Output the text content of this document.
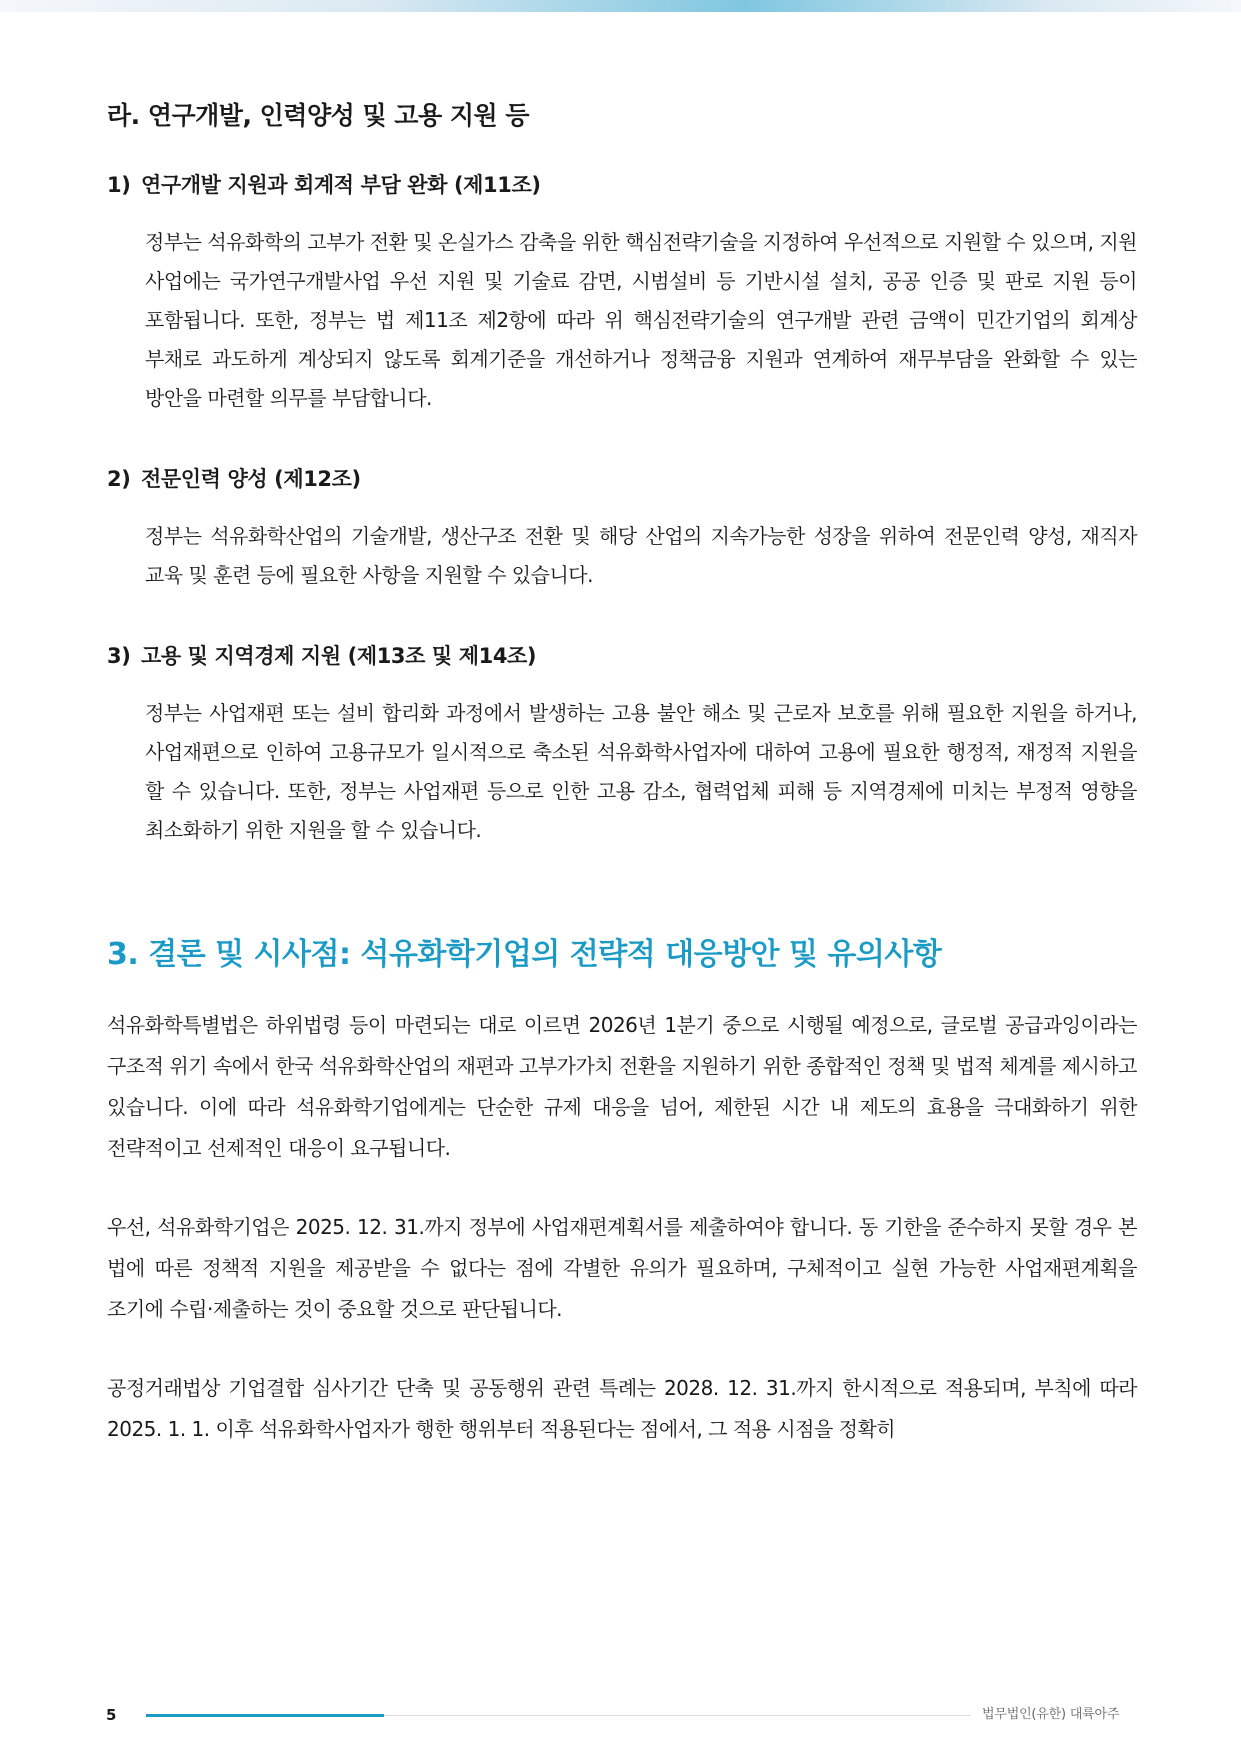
라. 연구개발, 인력양성 및 고용 지원 등
1) 연구개발 지원과 회계적 부담 완화 (제11조)

정부는 석유화학의 고부가 전환 및 온실가스 감축을 위한 핵심전략기술을 지정하여 우선적으로 지원할 수 있으며, 지원 사업에는 국가연구개발사업 우선 지원 및 기술료 감면, 시범설비 등 기반시설 설치, 공공 인증 및 판로 지원 등이 포함됩니다. 또한, 정부는 법 제11조 제2항에 따라 위 핵심전략기술의 연구개발 관련 금액이 민간기업의 회계상 부채로 과도하게 계상되지 않도록 회계기준을 개선하거나 정책금융 지원과 연계하여 재무부담을 완화할 수 있는 방안을 마련할 의무를 부담합니다.

2) 전문인력 양성 (제12조)

정부는 석유화학산업의 기술개발, 생산구조 전환 및 해당 산업의 지속가능한 성장을 위하여 전문인력 양성, 재직자 교육 및 훈련 등에 필요한 사항을 지원할 수 있습니다.

3) 고용 및 지역경제 지원 (제13조 및 제14조)

정부는 사업재편 또는 설비 합리화 과정에서 발생하는 고용 불안 해소 및 근로자 보호를 위해 필요한 지원을 하거나, 사업재편으로 인하여 고용규모가 일시적으로 축소된 석유화학사업자에 대하여 고용에 필요한 행정적, 재정적 지원을 할 수 있습니다. 또한, 정부는 사업재편 등으로 인한 고용 감소, 협력업체 피해 등 지역경제에 미치는 부정적 영향을 최소화하기 위한 지원을 할 수 있습니다.

3. 결론 및 시사점: 석유화학기업의 전략적 대응방안 및 유의사항

석유화학특별법은 하위법령 등이 마련되는 대로 이르면 2026년 1분기 중으로 시행될 예정으로, 글로벌 공급과잉이라는 구조적 위기 속에서 한국 석유화학산업의 재편과 고부가가치 전환을 지원하기 위한 종합적인 정책 및 법적 체계를 제시하고 있습니다. 이에 따라 석유화학기업에게는 단순한 규제 대응을 넘어, 제한된 시간 내 제도의 효용을 극대화하기 위한 전략적이고 선제적인 대응이 요구됩니다.

우선, 석유화학기업은 2025. 12. 31.까지 정부에 사업재편계획서를 제출하여야 합니다. 동 기한을 준수하지 못할 경우 본 법에 따른 정책적 지원을 제공받을 수 없다는 점에 각별한 유의가 필요하며, 구체적이고 실현 가능한 사업재편계획을 조기에 수립·제출하는 것이 중요할 것으로 판단됩니다.

공정거래법상 기업결합 심사기간 단축 및 공동행위 관련 특례는 2028. 12. 31.까지 한시적으로 적용되며, 부칙에 따라 2025. 1. 1. 이후 석유화학사업자가 행한 행위부터 적용된다는 점에서, 그 적용 시점을 정확히

5	법무법인(유한) 대륙아주
